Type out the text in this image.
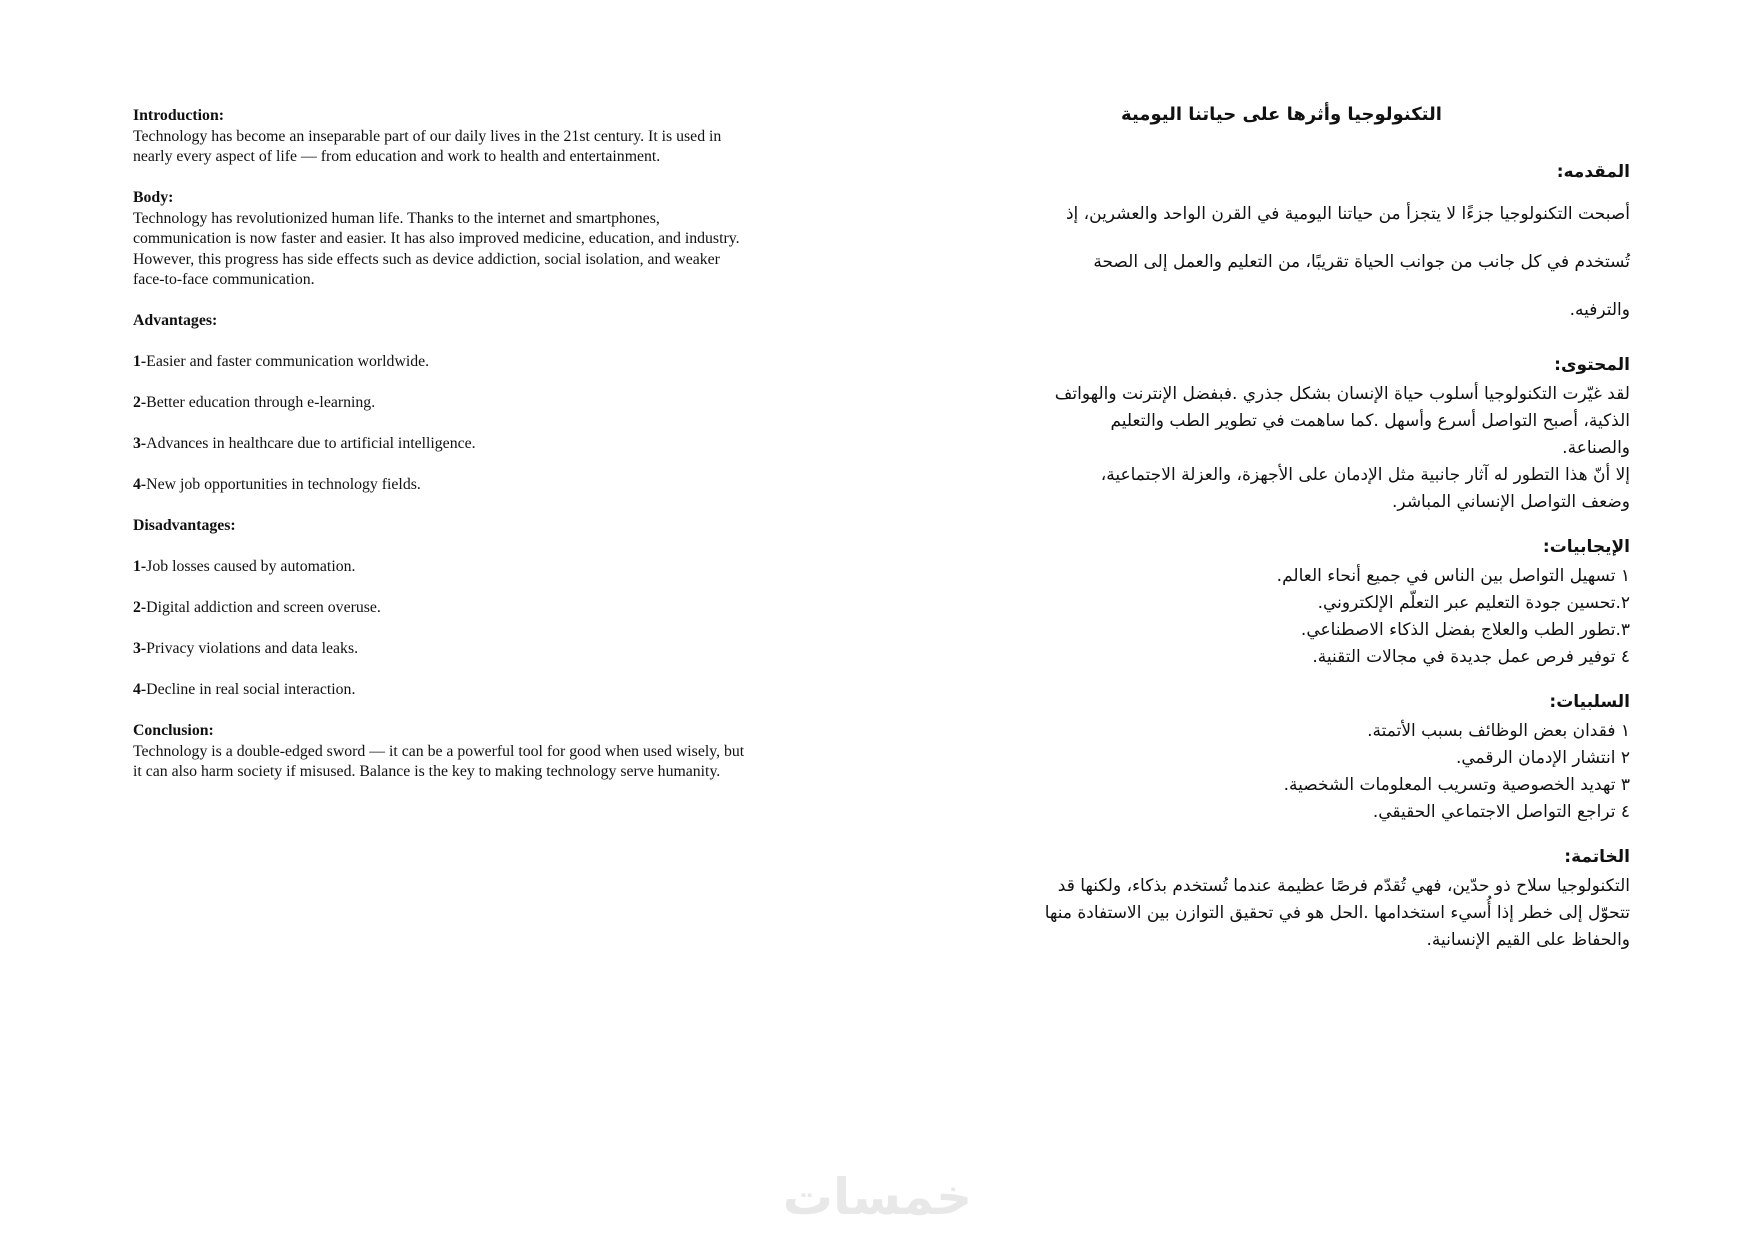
Introduction:

Technology has become an inseparable part of our daily lives in the 21st century. It is used in nearly every aspect of life — from education and work to health and entertainment.

Body:

Technology has revolutionized human life. Thanks to the internet and smartphones, communication is now faster and easier. It has also improved medicine, education, and industry.

However, this progress has side effects such as device addiction, social isolation, and weaker face-to-face communication.

Advantages:

1-Easier and faster communication worldwide.

2-Better education through e-learning.

3-Advances in healthcare due to artificial intelligence.

4-New job opportunities in technology fields.

Disadvantages:

1-Job losses caused by automation.

2-Digital addiction and screen overuse.

3-Privacy violations and data leaks.

4-Decline in real social interaction.

Conclusion:

Technology is a double-edged sword — it can be a powerful tool for good when used wisely, but it can also harm society if misused. Balance is the key to making technology serve humanity.

التكنولوجيا وأثرها على حياتنا اليومية

المقدمه:

أصبحت التكنولوجيا جزءًا لا يتجزأ من حياتنا اليومية في القرن الواحد والعشرين، إذ

تُستخدم في كل جانب من جوانب الحياة تقريبًا، من التعليم والعمل إلى الصحة

والترفيه.

المحتوى:

لقد غيّرت التكنولوجيا أسلوب حياة الإنسان بشكل جذري .فبفضل الإنترنت والهواتف

الذكية، أصبح التواصل أسرع وأسهل .كما ساهمت في تطوير الطب والتعليم

والصناعة.

إلا أنّ هذا التطور له آثار جانبية مثل الإدمان على الأجهزة، والعزلة الاجتماعية،

وضعف التواصل الإنساني المباشر.

الإيجابيات:

١ تسهيل التواصل بين الناس في جميع أنحاء العالم.

٢.تحسين جودة التعليم عبر التعلّم الإلكتروني.

٣.تطور الطب والعلاج بفضل الذكاء الاصطناعي.

٤ توفير فرص عمل جديدة في مجالات التقنية.

السلبيات:

١ فقدان بعض الوظائف بسبب الأتمتة.

٢ انتشار الإدمان الرقمي.

٣ تهديد الخصوصية وتسريب المعلومات الشخصية.

٤ تراجع التواصل الاجتماعي الحقيقي.

الخاتمة:

التكنولوجيا سلاح ذو حدّين، فهي تُقدّم فرصًا عظيمة عندما تُستخدم بذكاء، ولكنها قد

تتحوّل إلى خطر إذا أُسيء استخدامها .الحل هو في تحقيق التوازن بين الاستفادة منها

والحفاظ على القيم الإنسانية.

خمسات
